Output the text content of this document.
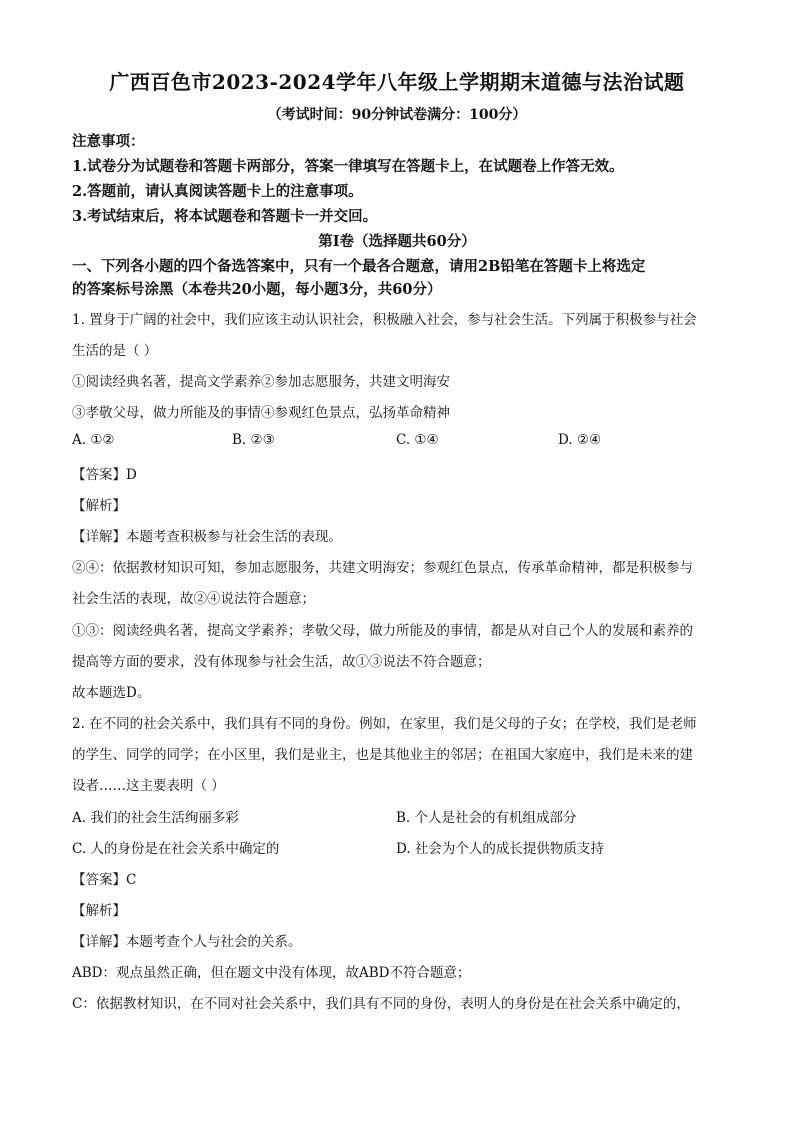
广西百色市2023-2024学年八年级上学期期末道德与法治试题
（考试时间：90分钟试卷满分：100分）
注意事项：
1.试卷分为试题卷和答题卡两部分，答案一律填写在答题卡上，在试题卷上作答无效。
2.答题前，请认真阅读答题卡上的注意事项。
3.考试结束后，将本试题卷和答题卡一并交回。
第Ⅰ卷（选择题共60分）
一、下列各小题的四个备选答案中，只有一个最各合题意，请用2B铅笔在答题卡上将选定
的答案标号涂黑（本卷共20小题，每小题3分，共60分）
1. 置身于广阔的社会中，我们应该主动认识社会，积极融入社会，参与社会生活。下列属于积极参与社会
生活的是（ ）
①阅读经典名著，提高文学素养②参加志愿服务，共建文明海安
③孝敬父母，做力所能及的事情④参观红色景点，弘扬革命精神
A. ①②	B. ②③	C. ①④	D. ②④
【答案】D
【解析】
【详解】本题考查积极参与社会生活的表现。
②④：依据教材知识可知，参加志愿服务，共建文明海安；参观红色景点，传承革命精神，都是积极参与
社会生活的表现，故②④说法符合题意；
①③：阅读经典名著，提高文学素养；孝敬父母，做力所能及的事情，都是从对自己个人的发展和素养的
提高等方面的要求，没有体现参与社会生活，故①③说法不符合题意；
故本题选D。
2. 在不同的社会关系中，我们具有不同的身份。例如，在家里，我们是父母的子女；在学校，我们是老师
的学生、同学的同学；在小区里，我们是业主，也是其他业主的邻居；在祖国大家庭中，我们是未来的建
设者……这主要表明（ ）
A. 我们的社会生活绚丽多彩	B. 个人是社会的有机组成部分
C. 人的身份是在社会关系中确定的	D. 社会为个人的成长提供物质支持
【答案】C
【解析】
【详解】本题考查个人与社会的关系。
ABD：观点虽然正确，但在题文中没有体现，故ABD不符合题意；
C：依据教材知识，在不同对社会关系中，我们具有不同的身份，表明人的身份是在社会关系中确定的，
